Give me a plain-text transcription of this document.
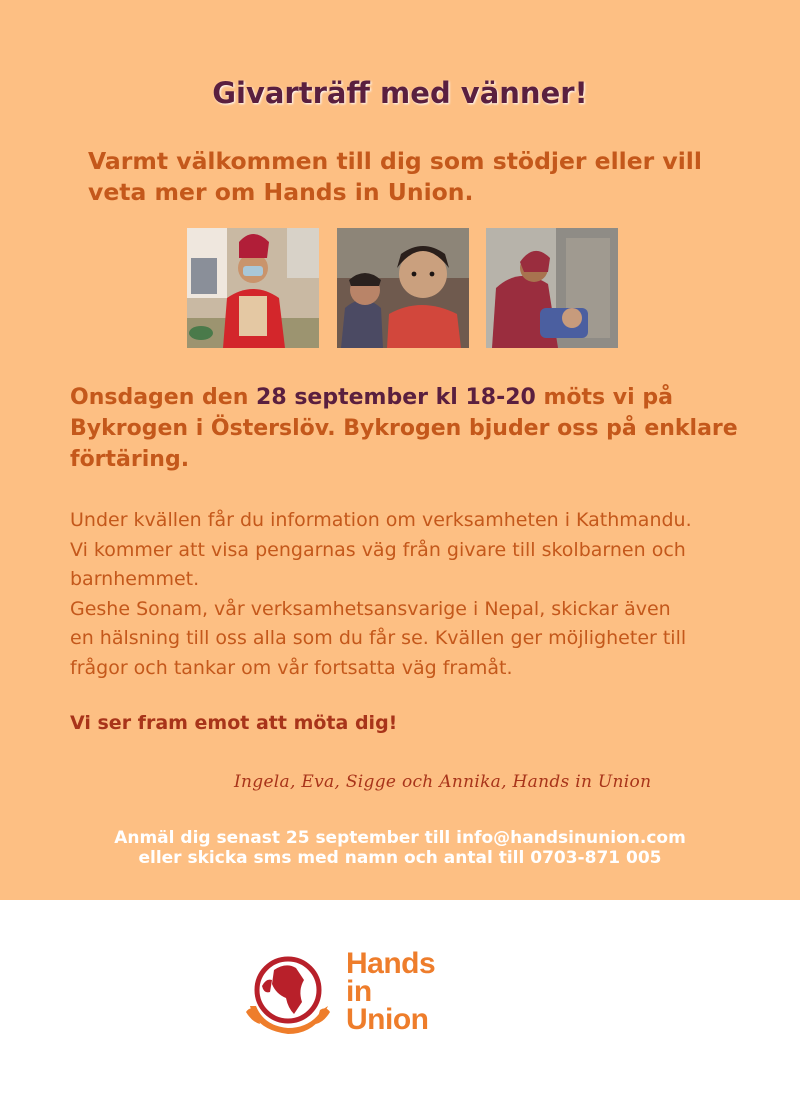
Givarträff med vänner!

Varmt välkommen till dig som stödjer eller vill veta mer om Hands in Union.

Onsdagen den 28 september kl 18-20 möts vi på Bykrogen i Österslöv. Bykrogen bjuder oss på enklare förtäring.

Under kvällen får du information om verksamheten i Kathmandu.
Vi kommer att visa pengarnas väg från givare till skolbarnen och
barnhemmet.
Geshe Sonam, vår verksamhetsansvarige i Nepal, skickar även
en hälsning till oss alla som du får se. Kvällen ger möjligheter till
frågor och tankar om vår fortsatta väg framåt.

Vi ser fram emot att möta dig!

Ingela, Eva, Sigge och Annika, Hands in Union

Anmäl dig senast 25 september till info@handsinunion.com
eller skicka sms med namn och antal till 0703-871 005

Hands
in
Union
